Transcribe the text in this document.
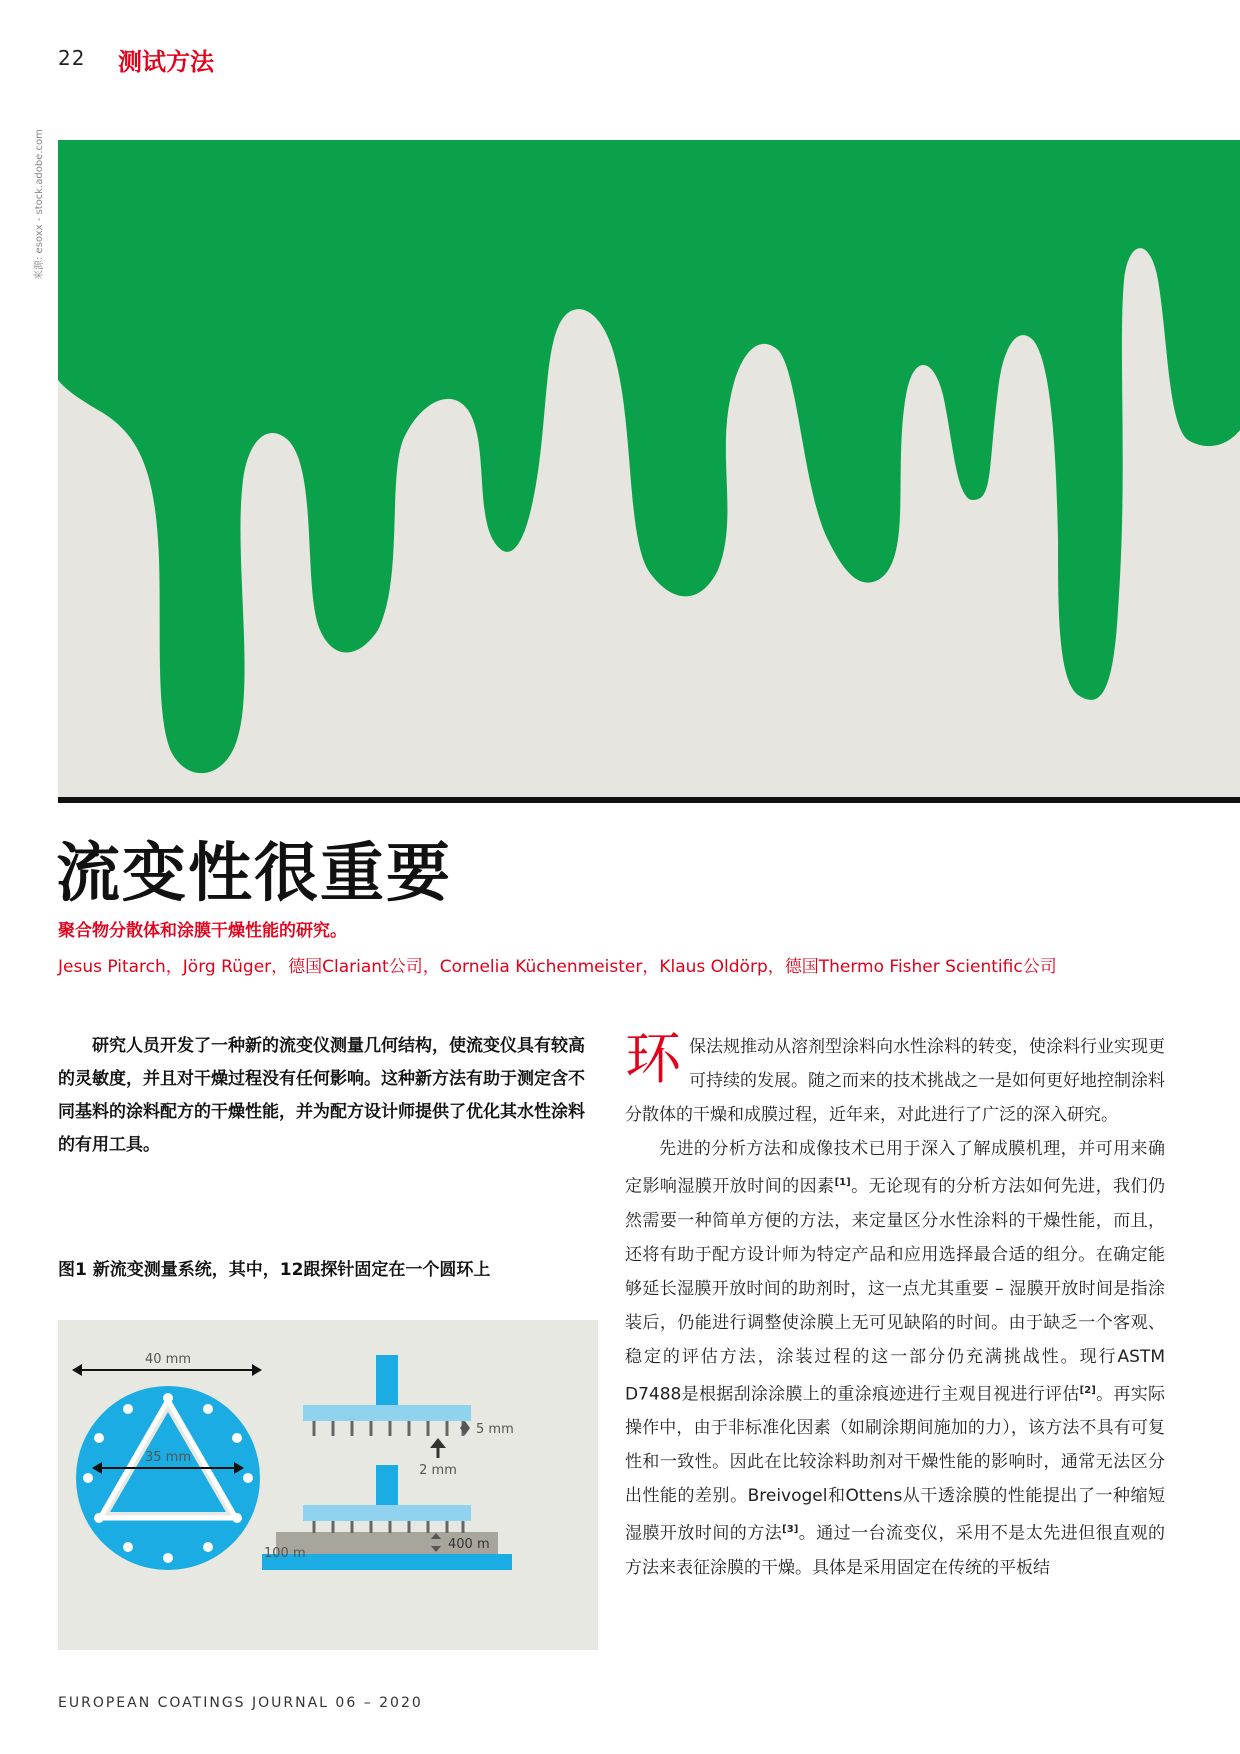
22 测试方法
来源: esoxx - stock.adobe.com
流变性很重要
聚合物分散体和涂膜干燥性能的研究。
Jesus Pitarch，Jörg Rüger，德国Clariant公司，Cornelia Küchenmeister，Klaus Oldörp，德国Thermo Fisher Scientific公司

研究人员开发了一种新的流变仪测量几何结构，使流变仪具有较高的灵敏度，并且对干燥过程没有任何影响。这种新方法有助于测定含不同基料的涂料配方的干燥性能，并为配方设计师提供了优化其水性涂料的有用工具。

图1 新流变测量系统，其中，12跟探针固定在一个圆环上
40 mm
35 mm
5 mm
2 mm
400 m
100 m

环保法规推动从溶剂型涂料向水性涂料的转变，使涂料行业实现更可持续的发展。随之而来的技术挑战之一是如何更好地控制涂料分散体的干燥和成膜过程，近年来，对此进行了广泛的深入研究。

先进的分析方法和成像技术已用于深入了解成膜机理，并可用来确定影响湿膜开放时间的因素[1]。无论现有的分析方法如何先进，我们仍然需要一种简单方便的方法，来定量区分水性涂料的干燥性能，而且，还将有助于配方设计师为特定产品和应用选择最合适的组分。在确定能够延长湿膜开放时间的助剂时，这一点尤其重要 – 湿膜开放时间是指涂装后，仍能进行调整使涂膜上无可见缺陷的时间。由于缺乏一个客观、稳定的评估方法，涂装过程的这一部分仍充满挑战性。现行ASTM D7488是根据刮涂涂膜上的重涂痕迹进行主观目视进行评估[2]。再实际操作中，由于非标准化因素（如刷涂期间施加的力），该方法不具有可复性和一致性。因此在比较涂料助剂对干燥性能的影响时，通常无法区分出性能的差别。Breivogel和Ottens从干透涂膜的性能提出了一种缩短湿膜开放时间的方法[3]。通过一台流变仪，采用不是太先进但很直观的方法来表征涂膜的干燥。具体是采用固定在传统的平板结

EUROPEAN COATINGS JOURNAL 06 – 2020
